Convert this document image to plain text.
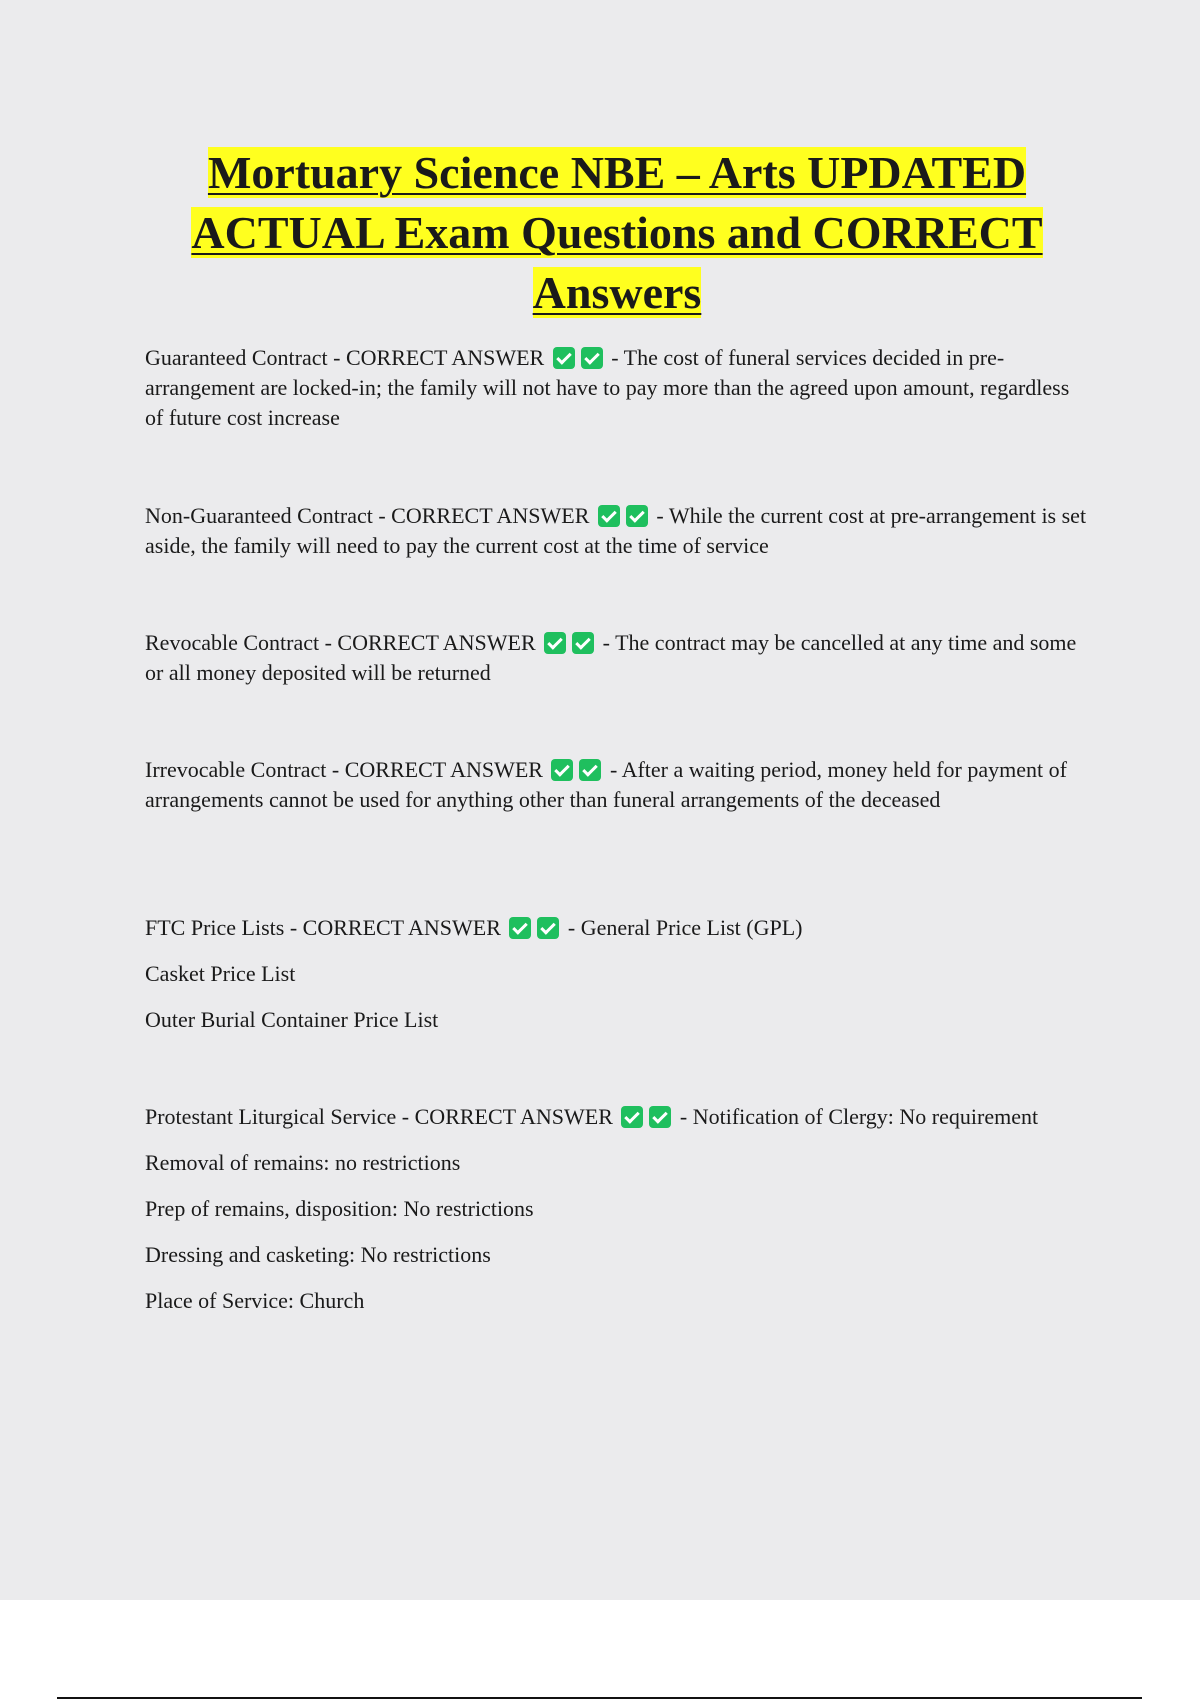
Mortuary Science NBE – Arts UPDATED
ACTUAL Exam Questions and CORRECT
Answers

Guaranteed Contract - CORRECT ANSWER	- The cost of funeral services decided in pre-arrangement are locked-in; the family will not have to pay more than the agreed upon amount, regardless of future cost increase

Non-Guaranteed Contract - CORRECT ANSWER	- While the current cost at pre-arrangement is set aside, the family will need to pay the current cost at the time of service

Revocable Contract - CORRECT ANSWER	- The contract may be cancelled at any time and some or all money deposited will be returned

Irrevocable Contract - CORRECT ANSWER	- After a waiting period, money held for payment of arrangements cannot be used for anything other than funeral arrangements of the deceased

FTC Price Lists - CORRECT ANSWER	- General Price List (GPL)

Casket Price List

Outer Burial Container Price List

Protestant Liturgical Service - CORRECT ANSWER	- Notification of Clergy: No requirement

Removal of remains: no restrictions

Prep of remains, disposition: No restrictions

Dressing and casketing: No restrictions

Place of Service: Church
